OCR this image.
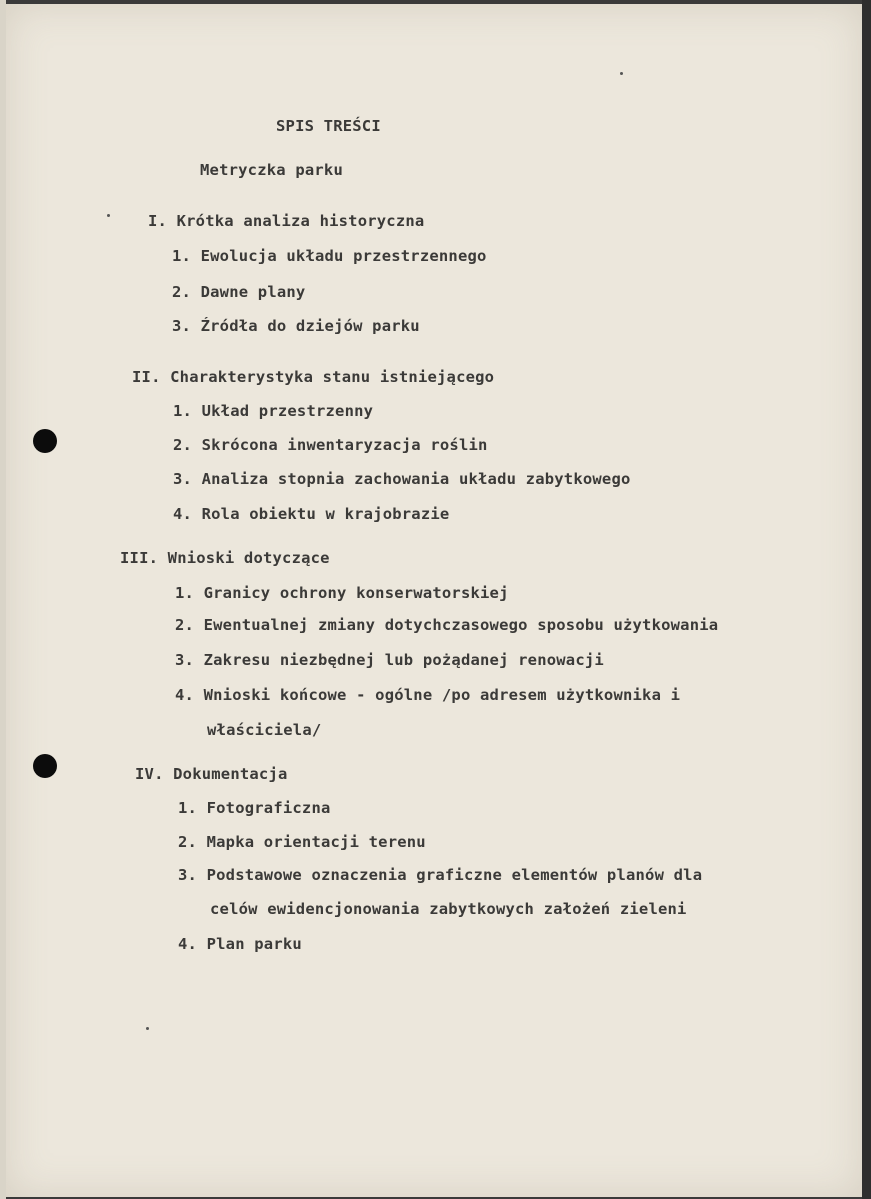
SPIS TREŚCI
Metryczka parku
I. Krótka analiza historyczna
1. Ewolucja układu przestrzennego
2. Dawne plany
3. Źródła do dziejów parku
II. Charakterystyka stanu istniejącego
1. Układ przestrzenny
2. Skrócona inwentaryzacja roślin
3. Analiza stopnia zachowania układu zabytkowego
4. Rola obiektu w krajobrazie
III. Wnioski dotyczące
1. Granicy ochrony konserwatorskiej
2. Ewentualnej zmiany dotychczasowego sposobu użytkowania
3. Zakresu niezbędnej lub pożądanej renowacji
4. Wnioski końcowe - ogólne /po adresem użytkownika i
właściciela/
IV. Dokumentacja
1. Fotograficzna
2. Mapka orientacji terenu
3. Podstawowe oznaczenia graficzne elementów planów dla
celów ewidencjonowania zabytkowych założeń zieleni
4. Plan parku
